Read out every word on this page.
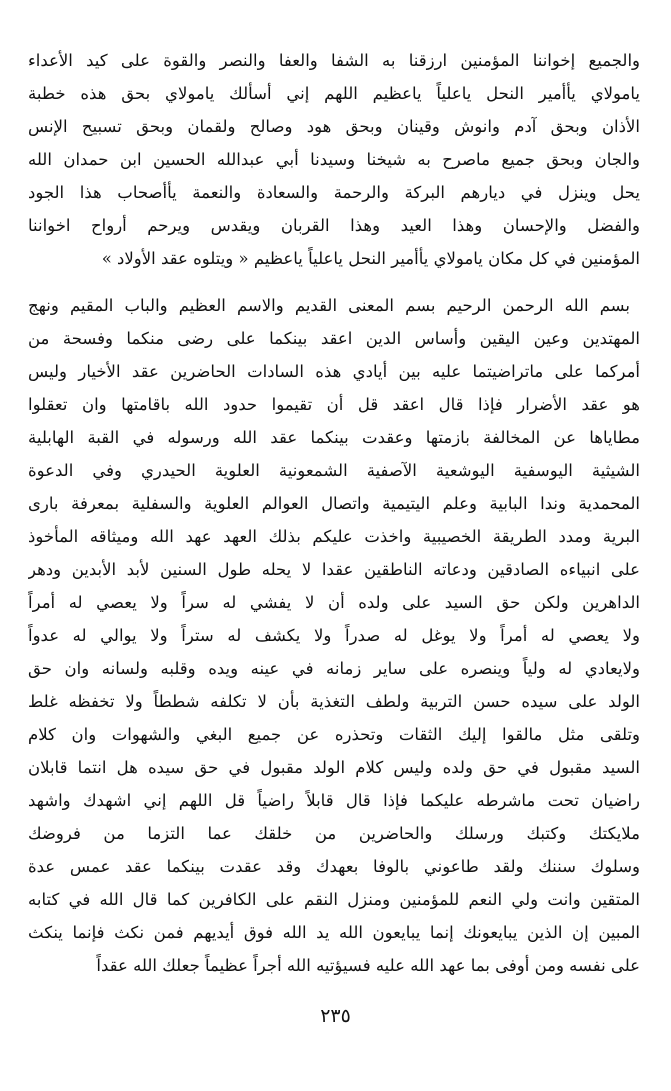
والجميع إخواننا المؤمنين ارزقنا به الشفا والعفا والنصر والقوة على كيد الأعداء
يامولاي يأأمير النحل ياعلياً ياعظيم اللهم إني أسألك يامولاي بحق هذه خطبة
الأذان وبحق آدم وانوش وقينان وبحق هود وصالح ولقمان وبحق تسبيح الإنس
والجان وبحق جميع ماصرح به شيخنا وسيدنا أبي عبدالله الحسين ابن حمدان الله
يحل وينزل في ديارهم البركة والرحمة والسعادة والنعمة يأأصحاب هذا الجود
والفضل والإحسان وهذا العيد وهذا القربان ويقدس ويرحم أرواح اخواننا
المؤمنين في كل مكان يامولاي يأأمير النحل ياعلياً ياعظيم « ويتلوه عقد الأولاد »
بسم الله الرحمن الرحيم بسم المعنى القديم والاسم العظيم والباب المقيم ونهج
المهتدين وعين اليقين وأساس الدين اعقد بينكما على رضى منكما وفسحة من
أمركما على ماتراضيتما عليه بين أيادي هذه السادات الحاضرين عقد الأخيار وليس
هو عقد الأضرار فإذا قال اعقد قل أن تقيموا حدود الله باقامتها وان تعقلوا
مطاياها عن المخالفة بازمتها وعقدت بينكما عقد الله ورسوله في القبة الهابلية
الشيثية اليوسفية اليوشعية الآصفية الشمعونية العلوية الحيدري وفي الدعوة
المحمدية وندا البابية وعلم اليتيمية واتصال العوالم العلوية والسفلية بمعرفة بارى
البرية ومدد الطريقة الخصيبية واخذت عليكم بذلك العهد عهد الله وميثاقه المأخوذ
على انبياءه الصادقين ودعاته الناطقين عقدا لا يحله طول السنين لأبد الأبدين ودهر
الداهرين ولكن حق السيد على ولده أن لا يفشي له سراً ولا يعصي له أمراً
ولا يعصي له أمراً ولا يوغل له صدراً ولا يكشف له ستراً ولا يوالي له عدواً
ولايعادي له ولياً وينصره على ساير زمانه في عينه ويده وقلبه ولسانه وان حق
الولد على سيده حسن التربية ولطف التغذية بأن لا تكلفه شططاً ولا تخفظه غلط
وتلقى مثل مالقوا إليك الثقات وتحذره عن جميع البغي والشهوات وان كلام
السيد مقبول في حق ولده وليس كلام الولد مقبول في حق سيده هل انتما قابلان
راضيان تحت ماشرطه عليكما فإذا قال قابلاً راضياً قل اللهم إني اشهدك واشهد
ملايكتك وكتبك ورسلك والحاضرين من خلقك عما التزما من فروضك
وسلوك سننك ولقد طاعوني بالوفا بعهدك وقد عقدت بينكما عقد عمس عدة
المتقين وانت ولي النعم للمؤمنين ومنزل النقم على الكافرين كما قال الله في كتابه
المبين إن الذين يبايعونك إنما يبايعون الله يد الله فوق أيديهم فمن نكث فإنما ينكث
على نفسه ومن أوفى بما عهد الله عليه فسيؤتيه الله أجراً عظيماً جعلك الله عقداً
٢٣٥
